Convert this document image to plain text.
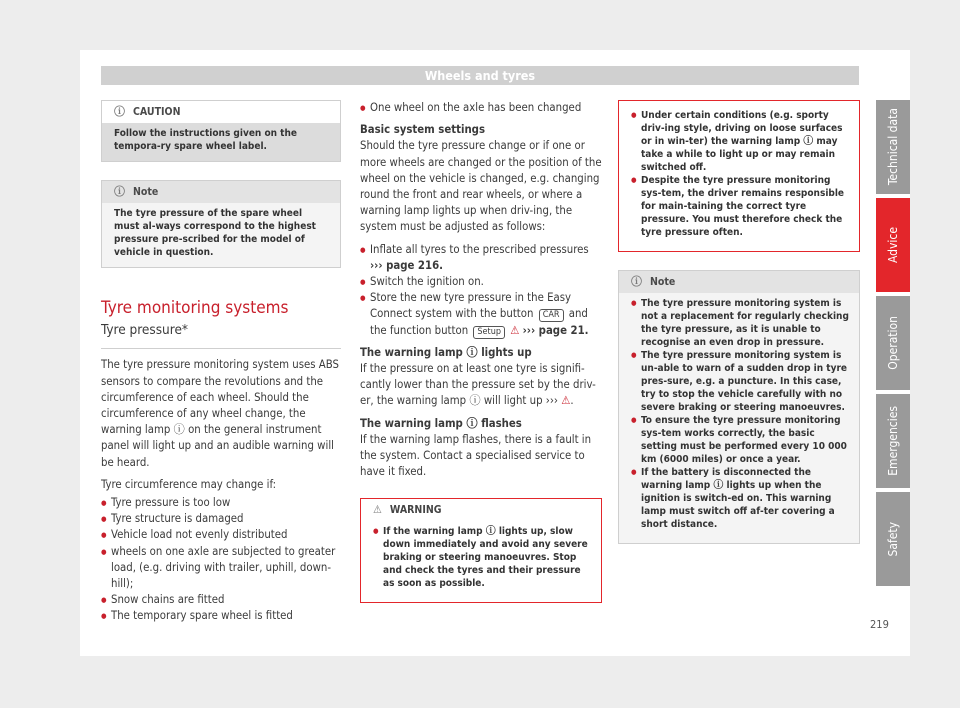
Wheels and tyres
ⓘ CAUTION
Follow the instructions given on the tempora-ry spare wheel label.
ⓘ Note
The tyre pressure of the spare wheel must al-ways correspond to the highest pressure pre-scribed for the model of vehicle in question.
Tyre monitoring systems
Tyre pressure*

The tyre pressure monitoring system uses ABS sensors to compare the revolutions and the circumference of each wheel. Should the circumference of any wheel change, the warning lamp ⓘ on the general instrument panel will light up and an audible warning will be heard.

Tyre circumference may change if:

● Tyre pressure is too low
● Tyre structure is damaged
● Vehicle load not evenly distributed
● wheels on one axle are subjected to greater load, (e.g. driving with trailer, uphill, down-hill);
● Snow chains are fitted
● The temporary spare wheel is fitted
● One wheel on the axle has been changed
Basic system settings

Should the tyre pressure change or if one or more wheels are changed or the position of the wheel on the vehicle is changed, e.g. changing round the front and rear wheels, or where a warning lamp lights up when driv-ing, the system must be adjusted as follows:

● Inflate all tyres to the prescribed pressures ››› page 216.
● Switch the ignition on.
● Store the new tyre pressure in the Easy Connect system with the button CAR and the function button Setup ⚠ ››› page 21.
The warning lamp ⓘ lights up

If the pressure on at least one tyre is signifi-cantly lower than the pressure set by the driv-er, the warning lamp ⓘ will light up ››› ⚠.

The warning lamp ⓘ flashes

If the warning lamp flashes, there is a fault in the system. Contact a specialised service to have it fixed.

⚠ WARNING
● If the warning lamp ⓘ lights up, slow down immediately and avoid any severe braking or steering manoeuvres. Stop and check the tyres and their pressure as soon as possible.
● Under certain conditions (e.g. sporty driv-ing style, driving on loose surfaces or in win-ter) the warning lamp ⓘ may take a while to light up or may remain switched off.
● Despite the tyre pressure monitoring sys-tem, the driver remains responsible for main-taining the correct tyre pressure. You must therefore check the tyre pressure often.
ⓘ Note
● The tyre pressure monitoring system is not a replacement for regularly checking the tyre pressure, as it is unable to recognise an even drop in pressure.
● The tyre pressure monitoring system is un-able to warn of a sudden drop in tyre pres-sure, e.g. a puncture. In this case, try to stop the vehicle carefully with no severe braking or steering manoeuvres.
● To ensure the tyre pressure monitoring sys-tem works correctly, the basic setting must be performed every 10 000 km (6000 miles) or once a year.
● If the battery is disconnected the warning lamp ⓘ lights up when the ignition is switch-ed on. This warning lamp must switch off af-ter covering a short distance.
Technical data
Advice
Operation
Emergencies
Safety
219
